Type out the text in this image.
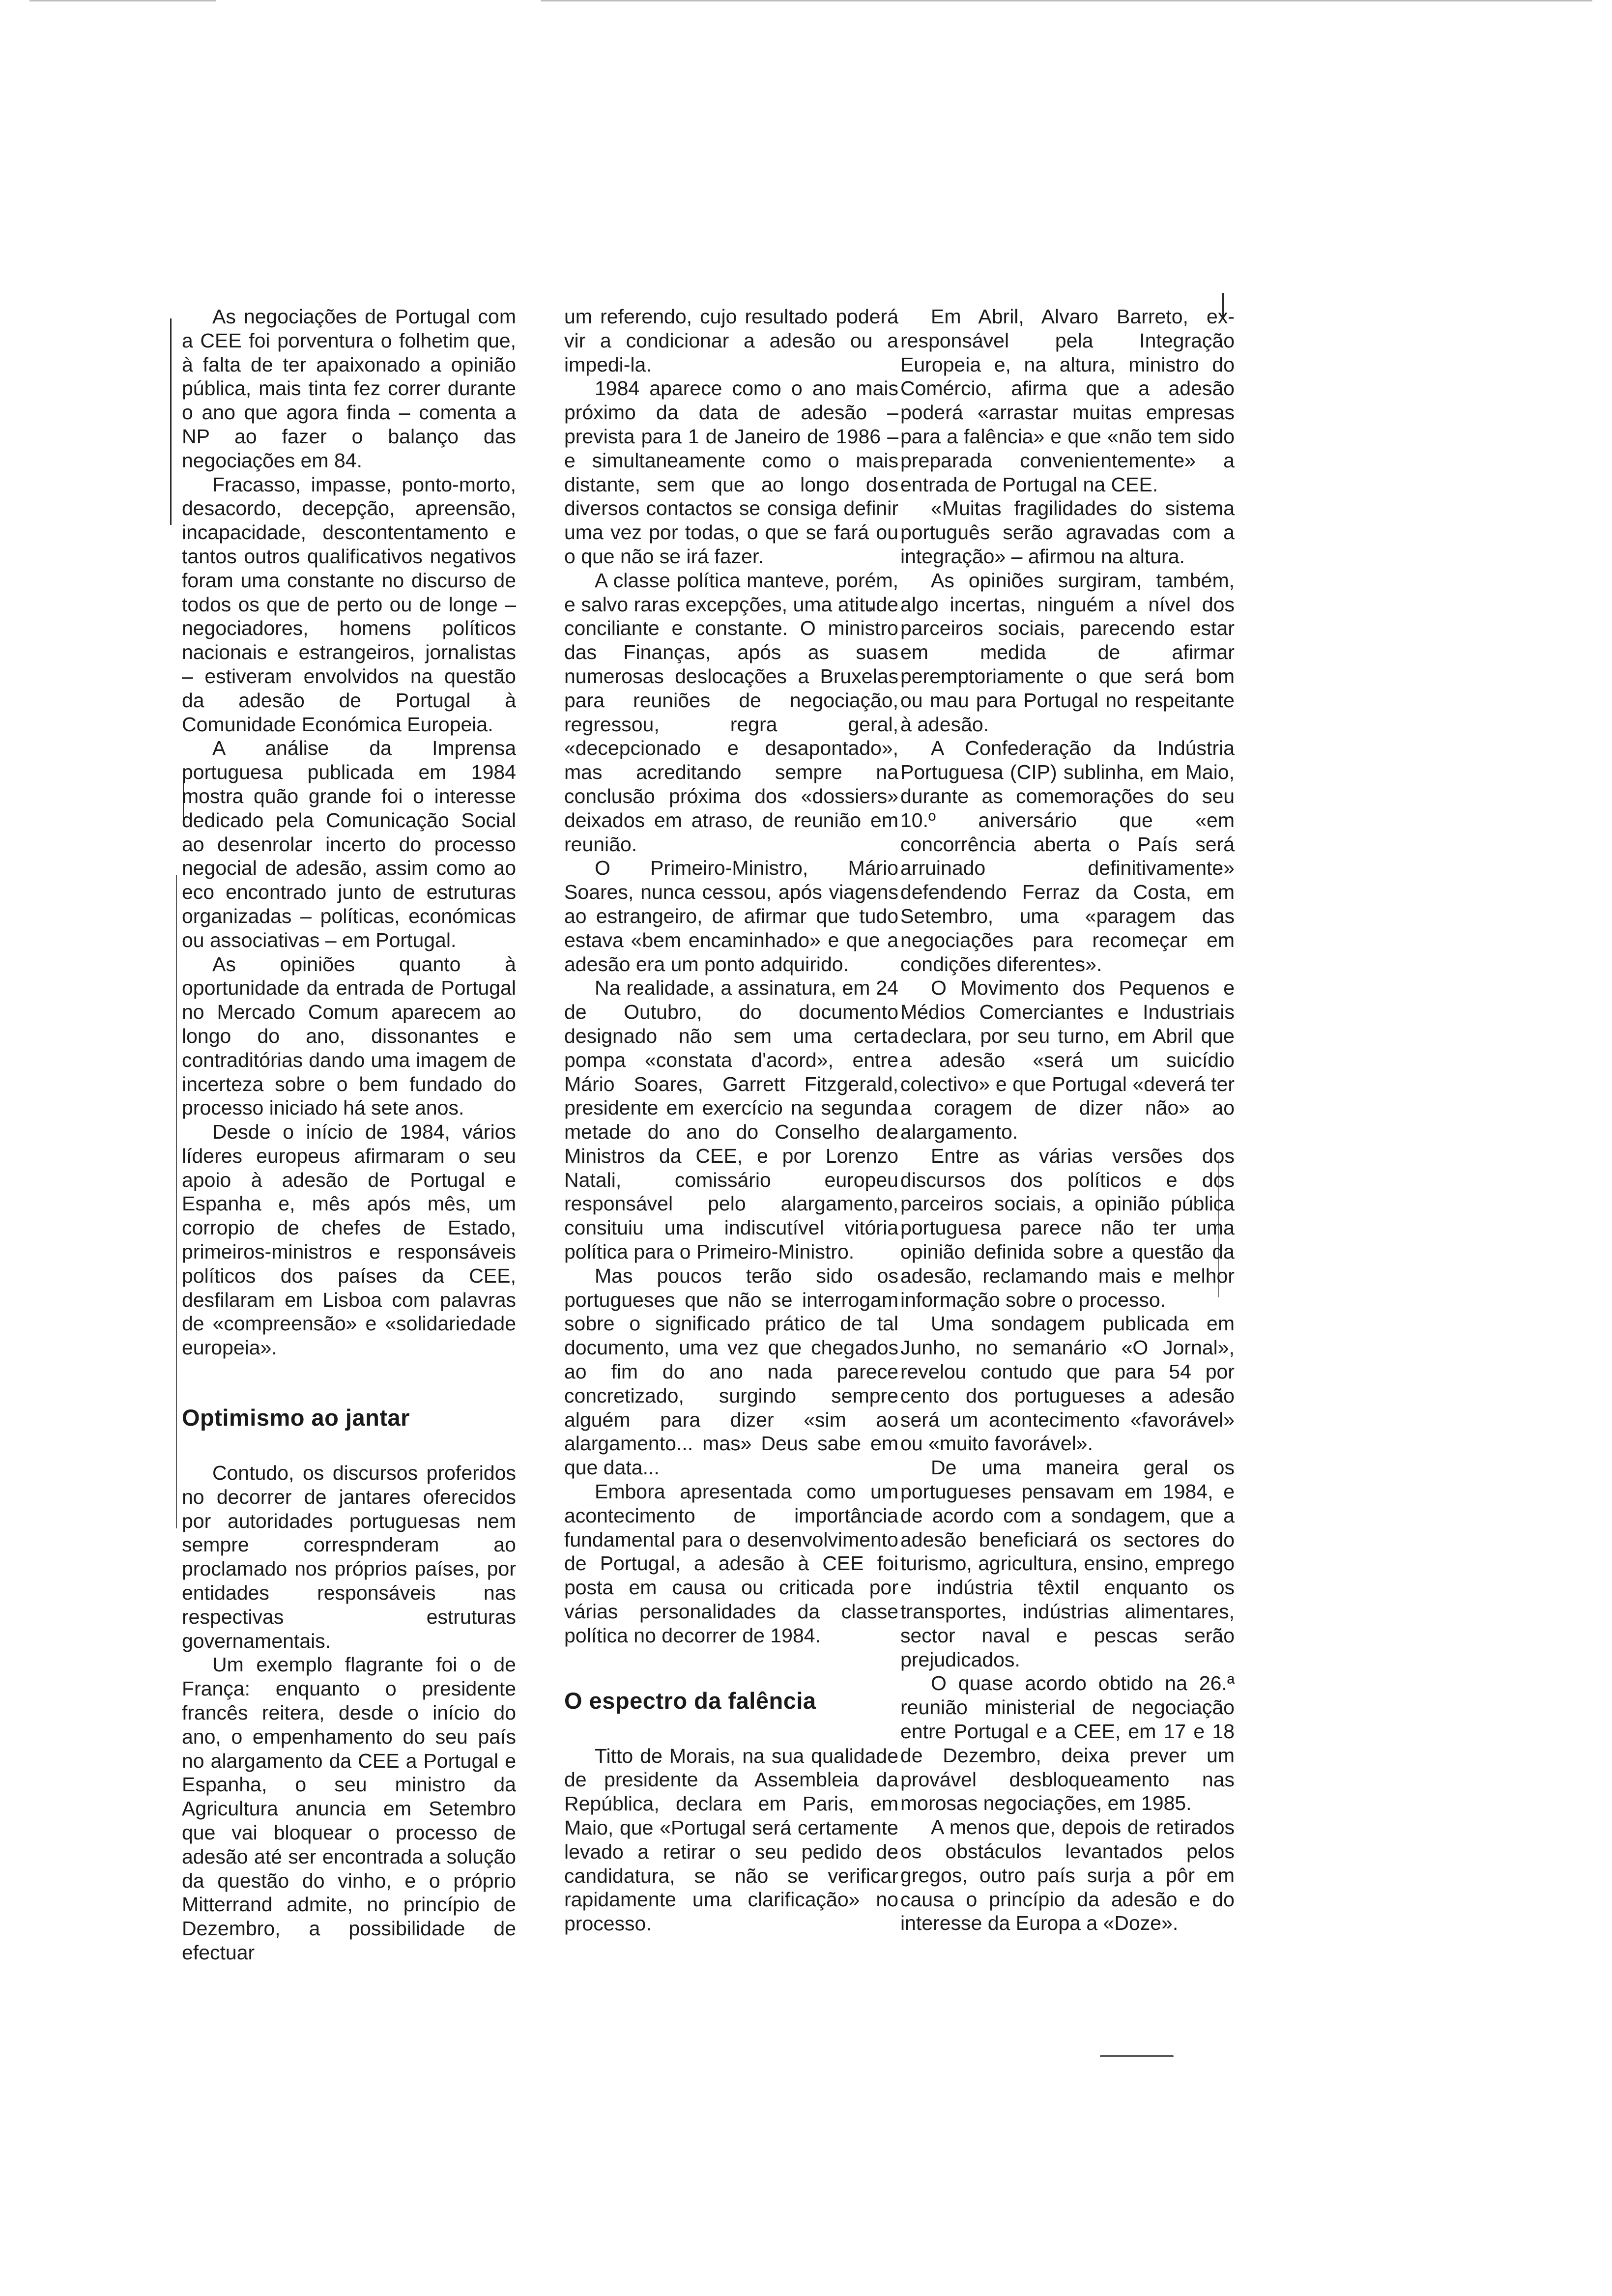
As negociações de Portugal com a CEE foi porventura o folhetim que, à falta de ter apaixonado a opinião pública, mais tinta fez correr durante o ano que agora finda – comenta a NP ao fazer o balanço das negociações em 84.

Fracasso, impasse, ponto-morto, desacordo, decepção, apreensão, incapacidade, descontentamento e tantos outros qualificativos negativos foram uma constante no discurso de todos os que de perto ou de longe – negociadores, homens políticos nacionais e estrangeiros, jornalistas – estiveram envolvidos na questão da adesão de Portugal à Comunidade Económica Europeia.

A análise da Imprensa portuguesa publicada em 1984 mostra quão grande foi o interesse dedicado pela Comunicação Social ao desenrolar incerto do processo negocial de adesão, assim como ao eco encontrado junto de estruturas organizadas – políticas, económicas ou associativas – em Portugal.

As opiniões quanto à oportunidade da entrada de Portugal no Mercado Comum aparecem ao longo do ano, dissonantes e contraditórias dando uma imagem de incerteza sobre o bem fundado do processo iniciado há sete anos.

Desde o início de 1984, vários líderes europeus afirmaram o seu apoio à adesão de Portugal e Espanha e, mês após mês, um corropio de chefes de Estado, primeiros-ministros e responsáveis políticos dos países da CEE, desfilaram em Lisboa com palavras de «compreensão» e «solidariedade europeia».

Optimismo ao jantar

Contudo, os discursos proferidos no decorrer de jantares oferecidos por autoridades portuguesas nem sempre correspnderam ao proclamado nos próprios países, por entidades responsáveis nas respectivas estruturas governamentais.

Um exemplo flagrante foi o de França: enquanto o presidente francês reitera, desde o início do ano, o empenhamento do seu país no alargamento da CEE a Portugal e Espanha, o seu ministro da Agricultura anuncia em Setembro que vai bloquear o processo de adesão até ser encontrada a solução da questão do vinho, e o próprio Mitterrand admite, no princípio de Dezembro, a possibilidade de efectuar

um referendo, cujo resultado poderá vir a condicionar a adesão ou a impedi-la.

1984 aparece como o ano mais próximo da data de adesão – prevista para 1 de Janeiro de 1986 – e simultaneamente como o mais distante, sem que ao longo dos diversos contactos se consiga definir uma vez por todas, o que se fará ou o que não se irá fazer.

A classe política manteve, porém, e salvo raras excepções, uma atitude conciliante e constante. O ministro das Finanças, após as suas numerosas deslocações a Bruxelas para reuniões de negociação, regressou, regra geral, «decepcionado e desapontado», mas acreditando sempre na conclusão próxima dos «dossiers» deixados em atraso, de reunião em reunião.

O Primeiro-Ministro, Mário Soares, nunca cessou, após viagens ao estrangeiro, de afirmar que tudo estava «bem encaminhado» e que a adesão era um ponto adquirido.

Na realidade, a assinatura, em 24 de Outubro, do documento designado não sem uma certa pompa «constata d'acord», entre Mário Soares, Garrett Fitzgerald, presidente em exercício na segunda metade do ano do Conselho de Ministros da CEE, e por Lorenzo Natali, comissário europeu responsável pelo alargamento, consituiu uma indiscutível vitória política para o Primeiro-Ministro.

Mas poucos terão sido os portugueses que não se interrogam sobre o significado prático de tal documento, uma vez que chegados ao fim do ano nada parece concretizado, surgindo sempre alguém para dizer «sim ao alargamento... mas» Deus sabe em que data...

Embora apresentada como um acontecimento de importância fundamental para o desenvolvimento de Portugal, a adesão à CEE foi posta em causa ou criticada por várias personalidades da classe política no decorrer de 1984.

O espectro da falência

Titto de Morais, na sua qualidade de presidente da Assembleia da República, declara em Paris, em Maio, que «Portugal será certamente levado a retirar o seu pedido de candidatura, se não se verificar rapidamente uma clarificação» no processo.

Em Abril, Alvaro Barreto, ex-responsável pela Integração Europeia e, na altura, ministro do Comércio, afirma que a adesão poderá «arrastar muitas empresas para a falência» e que «não tem sido preparada convenientemente» a entrada de Portugal na CEE.

«Muitas fragilidades do sistema português serão agravadas com a integração» – afirmou na altura.

As opiniões surgiram, também, algo incertas, ninguém a nível dos parceiros sociais, parecendo estar em medida de afirmar peremptoriamente o que será bom ou mau para Portugal no respeitante à adesão.

A Confederação da Indústria Portuguesa (CIP) sublinha, em Maio, durante as comemorações do seu 10.º aniversário que «em concorrência aberta o País será arruinado definitivamente» defendendo Ferraz da Costa, em Setembro, uma «paragem das negociações para recomeçar em condições diferentes».

O Movimento dos Pequenos e Médios Comerciantes e Industriais declara, por seu turno, em Abril que a adesão «será um suicídio colectivo» e que Portugal «deverá ter a coragem de dizer não» ao alargamento.

Entre as várias versões dos discursos dos políticos e dos parceiros sociais, a opinião pública portuguesa parece não ter uma opinião definida sobre a questão da adesão, reclamando mais e melhor informação sobre o processo.

Uma sondagem publicada em Junho, no semanário «O Jornal», revelou contudo que para 54 por cento dos portugueses a adesão será um acontecimento «favorável» ou «muito favorável».

De uma maneira geral os portugueses pensavam em 1984, e de acordo com a sondagem, que a adesão beneficiará os sectores do turismo, agricultura, ensino, emprego e indústria têxtil enquanto os transportes, indústrias alimentares, sector naval e pescas serão prejudicados.

O quase acordo obtido na 26.ª reunião ministerial de negociação entre Portugal e a CEE, em 17 e 18 de Dezembro, deixa prever um provável desbloqueamento nas morosas negociações, em 1985.

A menos que, depois de retirados os obstáculos levantados pelos gregos, outro país surja a pôr em causa o princípio da adesão e do interesse da Europa a «Doze».
